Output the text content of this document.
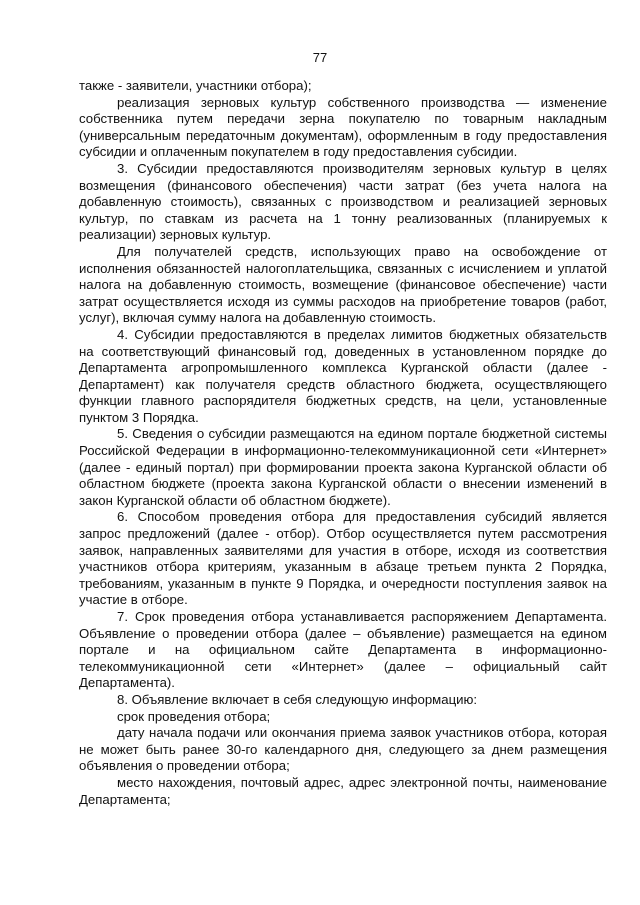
77

также - заявители, участники отбора);

реализация зерновых культур собственного производства — изменение собственника путем передачи зерна покупателю по товарным накладным (универсальным передаточным документам), оформленным в году предоставления субсидии и оплаченным покупателем в году предоставления субсидии.

3. Субсидии предоставляются производителям зерновых культур в целях возмещения (финансового обеспечения) части затрат (без учета налога на добавленную стоимость), связанных с производством и реализацией зерновых культур, по ставкам из расчета на 1 тонну реализованных (планируемых к реализации) зерновых культур.

Для получателей средств, использующих право на освобождение от исполнения обязанностей налогоплательщика, связанных с исчислением и уплатой налога на добавленную стоимость, возмещение (финансовое обеспечение) части затрат осуществляется исходя из суммы расходов на приобретение товаров (работ, услуг), включая сумму налога на добавленную стоимость.

4. Субсидии предоставляются в пределах лимитов бюджетных обязательств на соответствующий финансовый год, доведенных в установленном порядке до Департамента агропромышленного комплекса Курганской области (далее - Департамент) как получателя средств областного бюджета, осуществляющего функции главного распорядителя бюджетных средств, на цели, установленные пунктом 3 Порядка.

5. Сведения о субсидии размещаются на едином портале бюджетной системы Российской Федерации в информационно-телекоммуникационной сети «Интернет» (далее - единый портал) при формировании проекта закона Курганской области об областном бюджете (проекта закона Курганской области о внесении изменений в закон Курганской области об областном бюджете).

6. Способом проведения отбора для предоставления субсидий является запрос предложений (далее - отбор). Отбор осуществляется путем рассмотрения заявок, направленных заявителями для участия в отборе, исходя из соответствия участников отбора критериям, указанным в абзаце третьем пункта 2 Порядка, требованиям, указанным в пункте 9 Порядка, и очередности поступления заявок на участие в отборе.

7. Срок проведения отбора устанавливается распоряжением Департамента. Объявление о проведении отбора (далее – объявление) размещается на едином портале и на официальном сайте Департамента в информационно-телекоммуникационной сети «Интернет» (далее – официальный сайт Департамента).

8. Объявление включает в себя следующую информацию:

срок проведения отбора;

дату начала подачи или окончания приема заявок участников отбора, которая не может быть ранее 30-го календарного дня, следующего за днем размещения объявления о проведении отбора;

место нахождения, почтовый адрес, адрес электронной почты, наименование Департамента;
